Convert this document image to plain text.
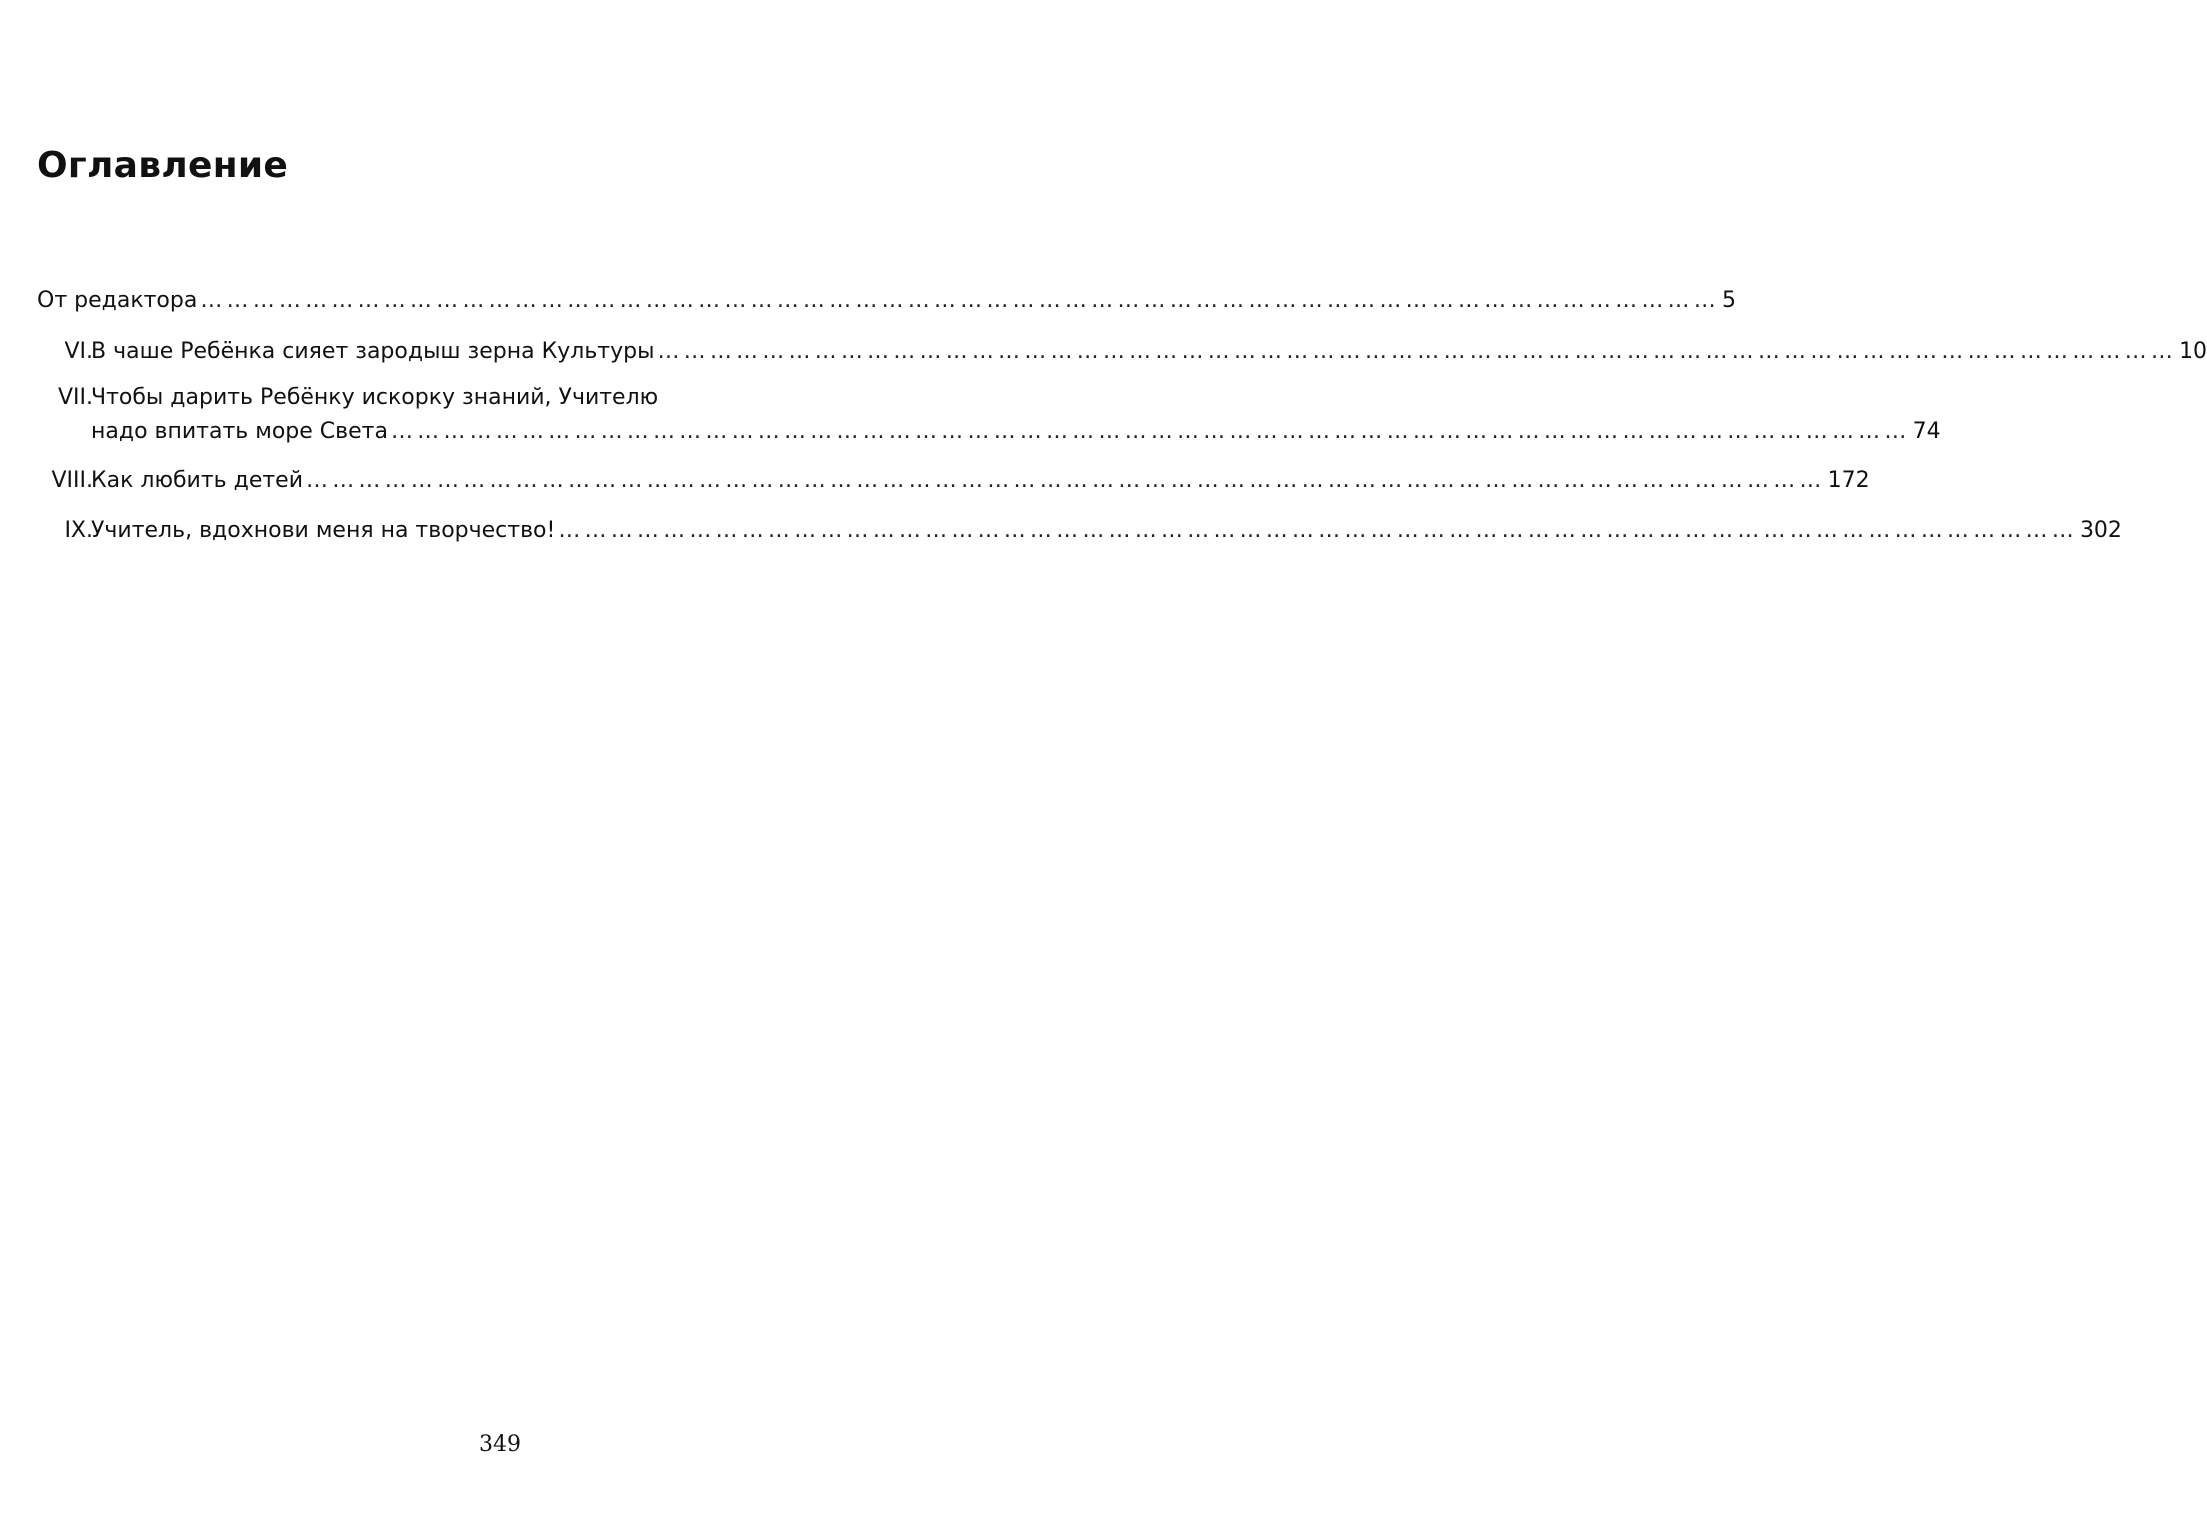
Оглавление
От редактора ………………………………………………………………………………………………………………………………………………………… 5
VI.
В чаше Ребёнка сияет зародыш зерна Культуры ………………………………………………………………………………………………………………………………………………………… 10
VII.
Чтобы дарить Ребёнку искорку знаний, Учителю
надо впитать море Света ………………………………………………………………………………………………………………………………………………………… 74
VIII.
Как любить детей ………………………………………………………………………………………………………………………………………………………… 172
IX.
Учитель, вдохнови меня на творчество! ………………………………………………………………………………………………………………………………………………………… 302
349
